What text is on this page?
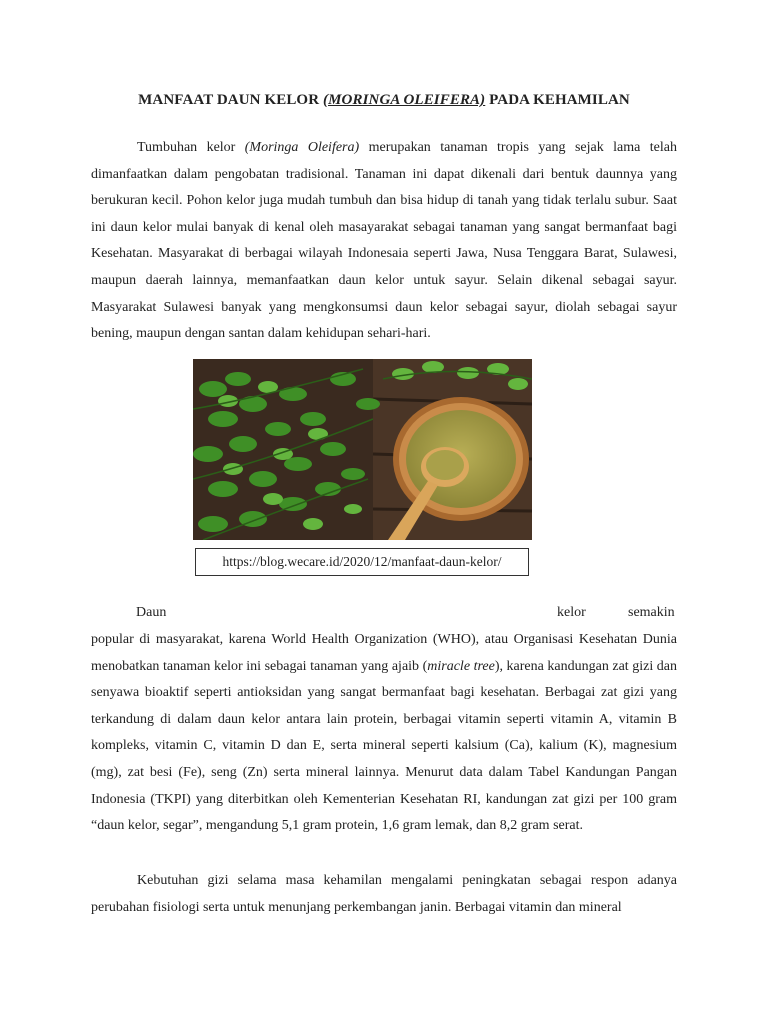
MANFAAT DAUN KELOR (MORINGA OLEIFERA) PADA KEHAMILAN
Tumbuhan kelor (Moringa Oleifera) merupakan tanaman tropis yang sejak lama telah dimanfaatkan dalam pengobatan tradisional. Tanaman ini dapat dikenali dari bentuk daunnya yang berukuran kecil. Pohon kelor juga mudah tumbuh dan bisa hidup di tanah yang tidak terlalu subur. Saat ini daun kelor mulai banyak di kenal oleh masayarakat sebagai tanaman yang sangat bermanfaat bagi Kesehatan. Masyarakat di berbagai wilayah Indonesaia seperti Jawa, Nusa Tenggara Barat, Sulawesi, maupun daerah lainnya, memanfaatkan daun kelor untuk sayur. Selain dikenal sebagai sayur. Masyarakat Sulawesi banyak yang mengkonsumsi daun kelor sebagai sayur, diolah sebagai sayur bening, maupun dengan santan dalam kehidupan sehari-hari.
https://blog.wecare.id/2020/12/manfaat-daun-kelor/
Daun	kelor	semakin
popular di masyarakat, karena World Health Organization (WHO), atau Organisasi Kesehatan Dunia menobatkan tanaman kelor ini sebagai tanaman yang ajaib (miracle tree), karena kandungan zat gizi dan senyawa bioaktif seperti antioksidan yang sangat bermanfaat bagi kesehatan. Berbagai zat gizi yang terkandung di dalam daun kelor antara lain protein, berbagai vitamin seperti vitamin A, vitamin B kompleks, vitamin C, vitamin D dan E, serta mineral seperti kalsium (Ca), kalium (K), magnesium (mg), zat besi (Fe), seng (Zn) serta mineral lainnya. Menurut data dalam Tabel Kandungan Pangan Indonesia (TKPI) yang diterbitkan oleh Kementerian Kesehatan RI, kandungan zat gizi per 100 gram “daun kelor, segar”, mengandung 5,1 gram protein, 1,6 gram lemak, dan 8,2 gram serat.
Kebutuhan gizi selama masa kehamilan mengalami peningkatan sebagai respon adanya perubahan fisiologi serta untuk menunjang perkembangan janin. Berbagai vitamin dan mineral
